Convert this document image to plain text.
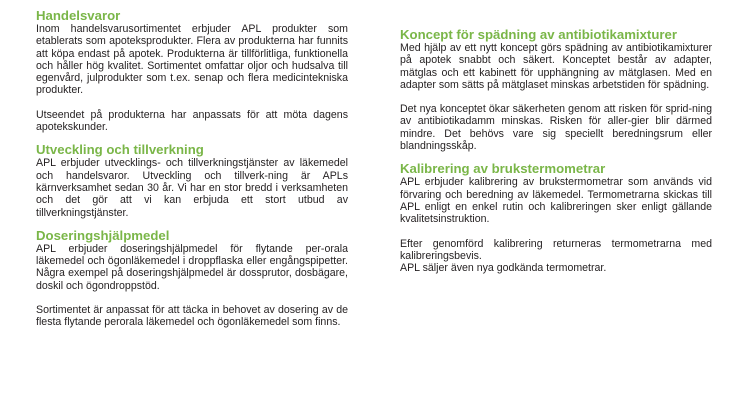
Handelsvaror

Inom handelsvarusortimentet erbjuder APL produkter som etablerats som apoteksprodukter. Flera av produkterna har funnits att köpa endast på apotek. Produkterna är tillförlitliga, funktionella och håller hög kvalitet. Sortimentet omfattar oljor och hudsalva till egenvård, julprodukter som t.ex. senap och flera medicintekniska produkter.

Utseendet på produkterna har anpassats för att möta dagens apotekskunder.

Utveckling och tillverkning

APL erbjuder utvecklings- och tillverkningstjänster av läkemedel och handelsvaror. Utveckling och tillverk-ning är APLs kärnverksamhet sedan 30 år. Vi har en stor bredd i verksamheten och det gör att vi kan erbjuda ett stort utbud av tillverkningstjänster.

Doseringshjälpmedel

APL erbjuder doseringshjälpmedel för flytande per-orala läkemedel och ögonläkemedel i droppflaska eller engångspipetter. Några exempel på doseringshjälpmedel är dossprutor, dosbägare, doskil och ögondroppstöd.

Sortimentet är anpassat för att täcka in behovet av dosering av de flesta flytande perorala läkemedel och ögonläkemedel som finns.

Koncept för spädning av antibiotikamixturer

Med hjälp av ett nytt koncept görs spädning av antibiotikamixturer på apotek snabbt och säkert. Konceptet består av adapter, mätglas och ett kabinett för upphängning av mätglasen. Med en adapter som sätts på mätglaset minskas arbetstiden för spädning.

Det nya konceptet ökar säkerheten genom att risken för sprid-ning av antibiotikadamm minskas. Risken för aller-gier blir därmed mindre. Det behövs vare sig speciellt beredningsrum eller blandningsskåp.

Kalibrering av brukstermometrar

APL erbjuder kalibrering av brukstermometrar som används vid förvaring och beredning av läkemedel. Termometrarna skickas till APL enligt en enkel rutin och kalibreringen sker enligt gällande kvalitetsinstruktion.

Efter genomförd kalibrering returneras termometrarna med kalibreringsbevis.

APL säljer även nya godkända termometrar.
